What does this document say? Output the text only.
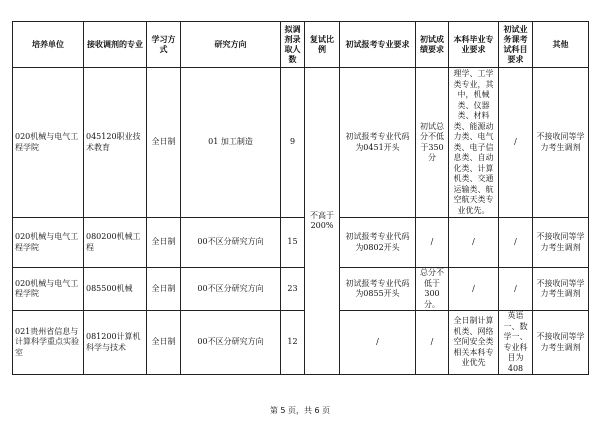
培养单位	接收调剂的专业	学习方式	研究方向	拟调剂录取人数	复试比例	初试报考专业要求	初试成绩要求	本科毕业专业要求	初试业务课考试科目要求	其他
020机械与电气工程学院	045120职业技术教育	全日制	01 加工制造	9	不高于200%	初试报考专业代码为0451开头	初试总分不低于350分	理学、工学类专业，其中，机械类、仪器类、材料类、能源动力类、电气类、电子信息类、自动化类、计算机类、交通运输类、航空航天类专业优先。	/	不接收同等学力考生调剂
020机械与电气工程学院	080200机械工程	全日制	00不区分研究方向	15		初试报考专业代码为0802开头	/	/	/	不接收同等学力考生调剂
020机械与电气工程学院	085500机械	全日制	00不区分研究方向	23		初试报考专业代码为0855开头	总分不低于300分。	/	/	不接收同等学力考生调剂
021贵州省信息与计算科学重点实验室	081200计算机科学与技术	全日制	00不区分研究方向	12		/	/	全日制计算机类、网络空间安全类相关本科专业优先	英语一、数学一、专业科目为408	不接收同等学力考生调剂
第 5 页，共 6 页
